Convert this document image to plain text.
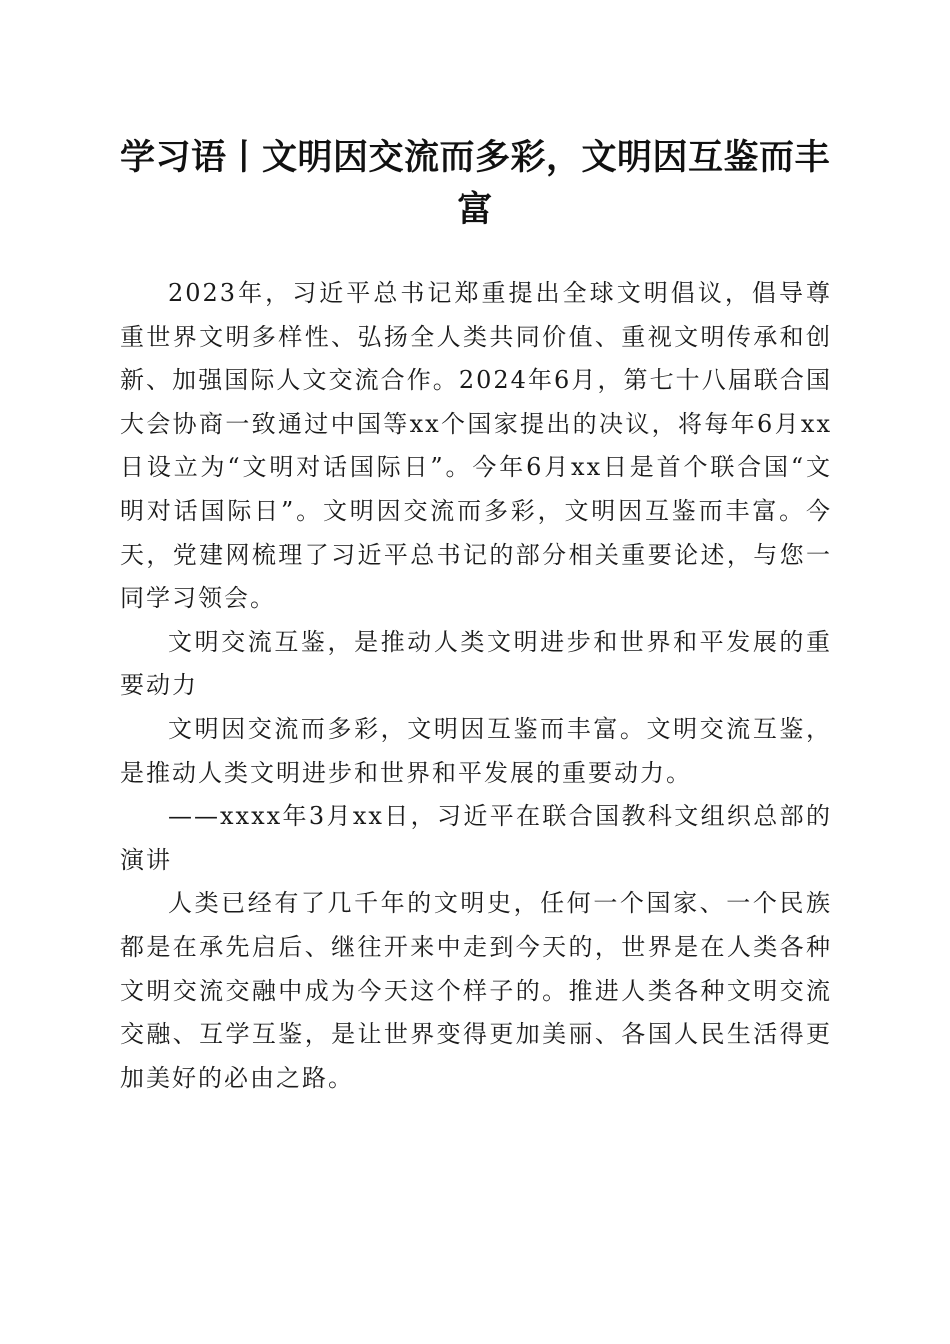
学习语丨文明因交流而多彩，文明因互鉴而丰富

2023年，习近平总书记郑重提出全球文明倡议，倡导尊重世界文明多样性、弘扬全人类共同价值、重视文明传承和创新、加强国际人文交流合作。2024年6月，第七十八届联合国大会协商一致通过中国等xx个国家提出的决议，将每年6月xx日设立为“文明对话国际日”。今年6月xx日是首个联合国“文明对话国际日”。文明因交流而多彩，文明因互鉴而丰富。今天，党建网梳理了习近平总书记的部分相关重要论述，与您一同学习领会。

文明交流互鉴，是推动人类文明进步和世界和平发展的重要动力

文明因交流而多彩，文明因互鉴而丰富。文明交流互鉴，是推动人类文明进步和世界和平发展的重要动力。

——xxxx年3月xx日，习近平在联合国教科文组织总部的演讲

人类已经有了几千年的文明史，任何一个国家、一个民族都是在承先启后、继往开来中走到今天的，世界是在人类各种文明交流交融中成为今天这个样子的。推进人类各种文明交流交融、互学互鉴，是让世界变得更加美丽、各国人民生活得更加美好的必由之路。
